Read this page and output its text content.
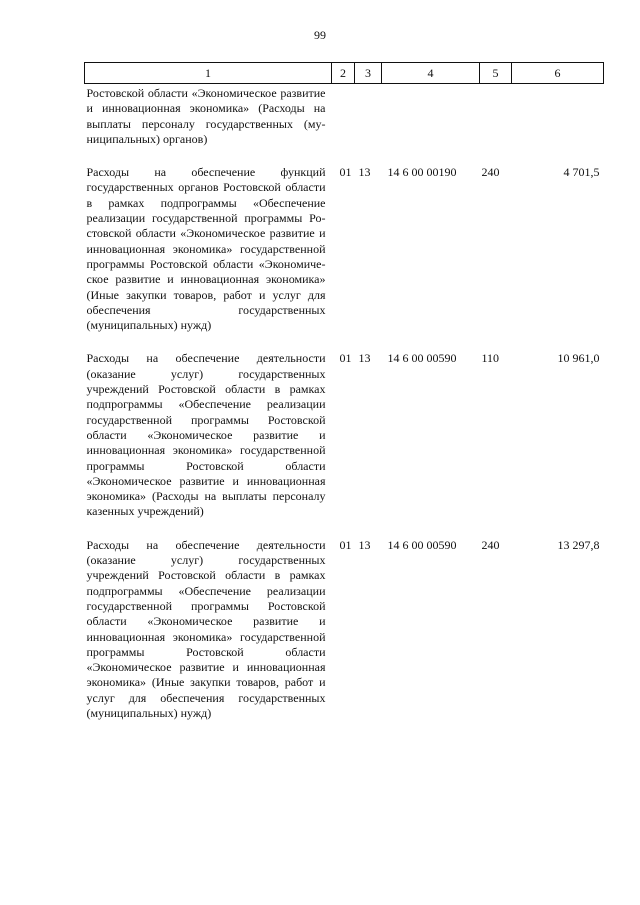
99
1	2	3	4	5	6
Ростовской области «Экономическое развитие и инновационная экономика» (Расходы на выплаты персоналу государственных (муниципальных) органов)					
Расходы на обеспечение функций государственных органов Ростовской области в рамках подпрограммы «Обеспечение реализации государственной программы Ростовской области «Экономическое развитие и инновационная экономика» государственной программы Ростовской области «Экономическое развитие и инновационная экономика» (Иные закупки товаров, работ и услуг для обеспечения государственных (муниципальных) нужд)	01	13	14 6 00 00190	240	4 701,5
Расходы на обеспечение деятельности (оказание услуг) государственных учреждений Ростовской области в рамках подпрограммы «Обеспечение реализации государственной программы Ростовской области «Экономическое развитие и инновационная экономика» государственной программы Ростовской области «Экономическое развитие и инновационная экономика» (Расходы на выплаты персоналу казенных учреждений)	01	13	14 6 00 00590	110	10 961,0
Расходы на обеспечение деятельности (оказание услуг) государственных учреждений Ростовской области в рамках подпрограммы «Обеспечение реализации государственной программы Ростовской области «Экономическое развитие и инновационная экономика» государственной программы Ростовской области «Экономическое развитие и инновационная экономика» (Иные закупки товаров, работ и услуг для обеспечения государственных (муниципальных) нужд)	01	13	14 6 00 00590	240	13 297,8
